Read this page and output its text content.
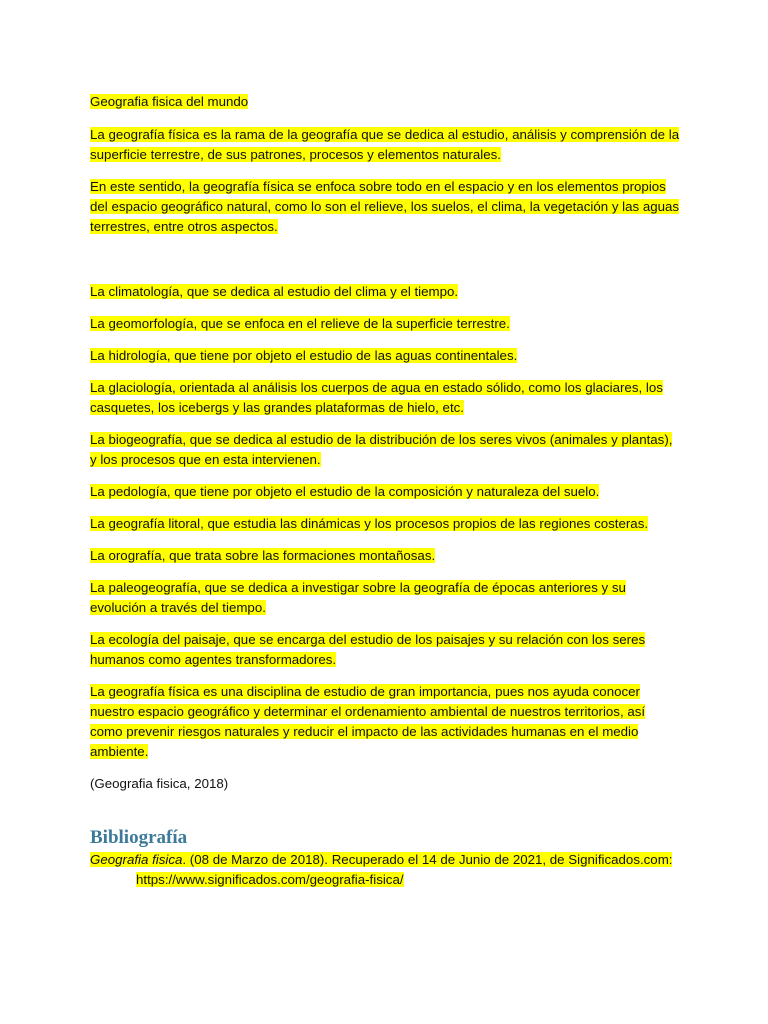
Geografia fisica del mundo

La geografía física es la rama de la geografía que se dedica al estudio, análisis y comprensión de la superficie terrestre, de sus patrones, procesos y elementos naturales.

En este sentido, la geografía física se enfoca sobre todo en el espacio y en los elementos propios del espacio geográfico natural, como lo son el relieve, los suelos, el clima, la vegetación y las aguas terrestres, entre otros aspectos.

La climatología, que se dedica al estudio del clima y el tiempo.

La geomorfología, que se enfoca en el relieve de la superficie terrestre.

La hidrología, que tiene por objeto el estudio de las aguas continentales.

La glaciología, orientada al análisis los cuerpos de agua en estado sólido, como los glaciares, los casquetes, los icebergs y las grandes plataformas de hielo, etc.

La biogeografía, que se dedica al estudio de la distribución de los seres vivos (animales y plantas), y los procesos que en esta intervienen.

La pedología, que tiene por objeto el estudio de la composición y naturaleza del suelo.

La geografía litoral, que estudia las dinámicas y los procesos propios de las regiones costeras.

La orografía, que trata sobre las formaciones montañosas.

La paleogeografía, que se dedica a investigar sobre la geografía de épocas anteriores y su evolución a través del tiempo.

La ecología del paisaje, que se encarga del estudio de los paisajes y su relación con los seres humanos como agentes transformadores.

La geografía física es una disciplina de estudio de gran importancia, pues nos ayuda conocer nuestro espacio geográfico y determinar el ordenamiento ambiental de nuestros territorios, así como prevenir riesgos naturales y reducir el impacto de las actividades humanas en el medio ambiente.

(Geografia fisica, 2018)

Bibliografía

Geografia fisica. (08 de Marzo de 2018). Recuperado el 14 de Junio de 2021, de Significados.com: https://www.significados.com/geografia-fisica/
